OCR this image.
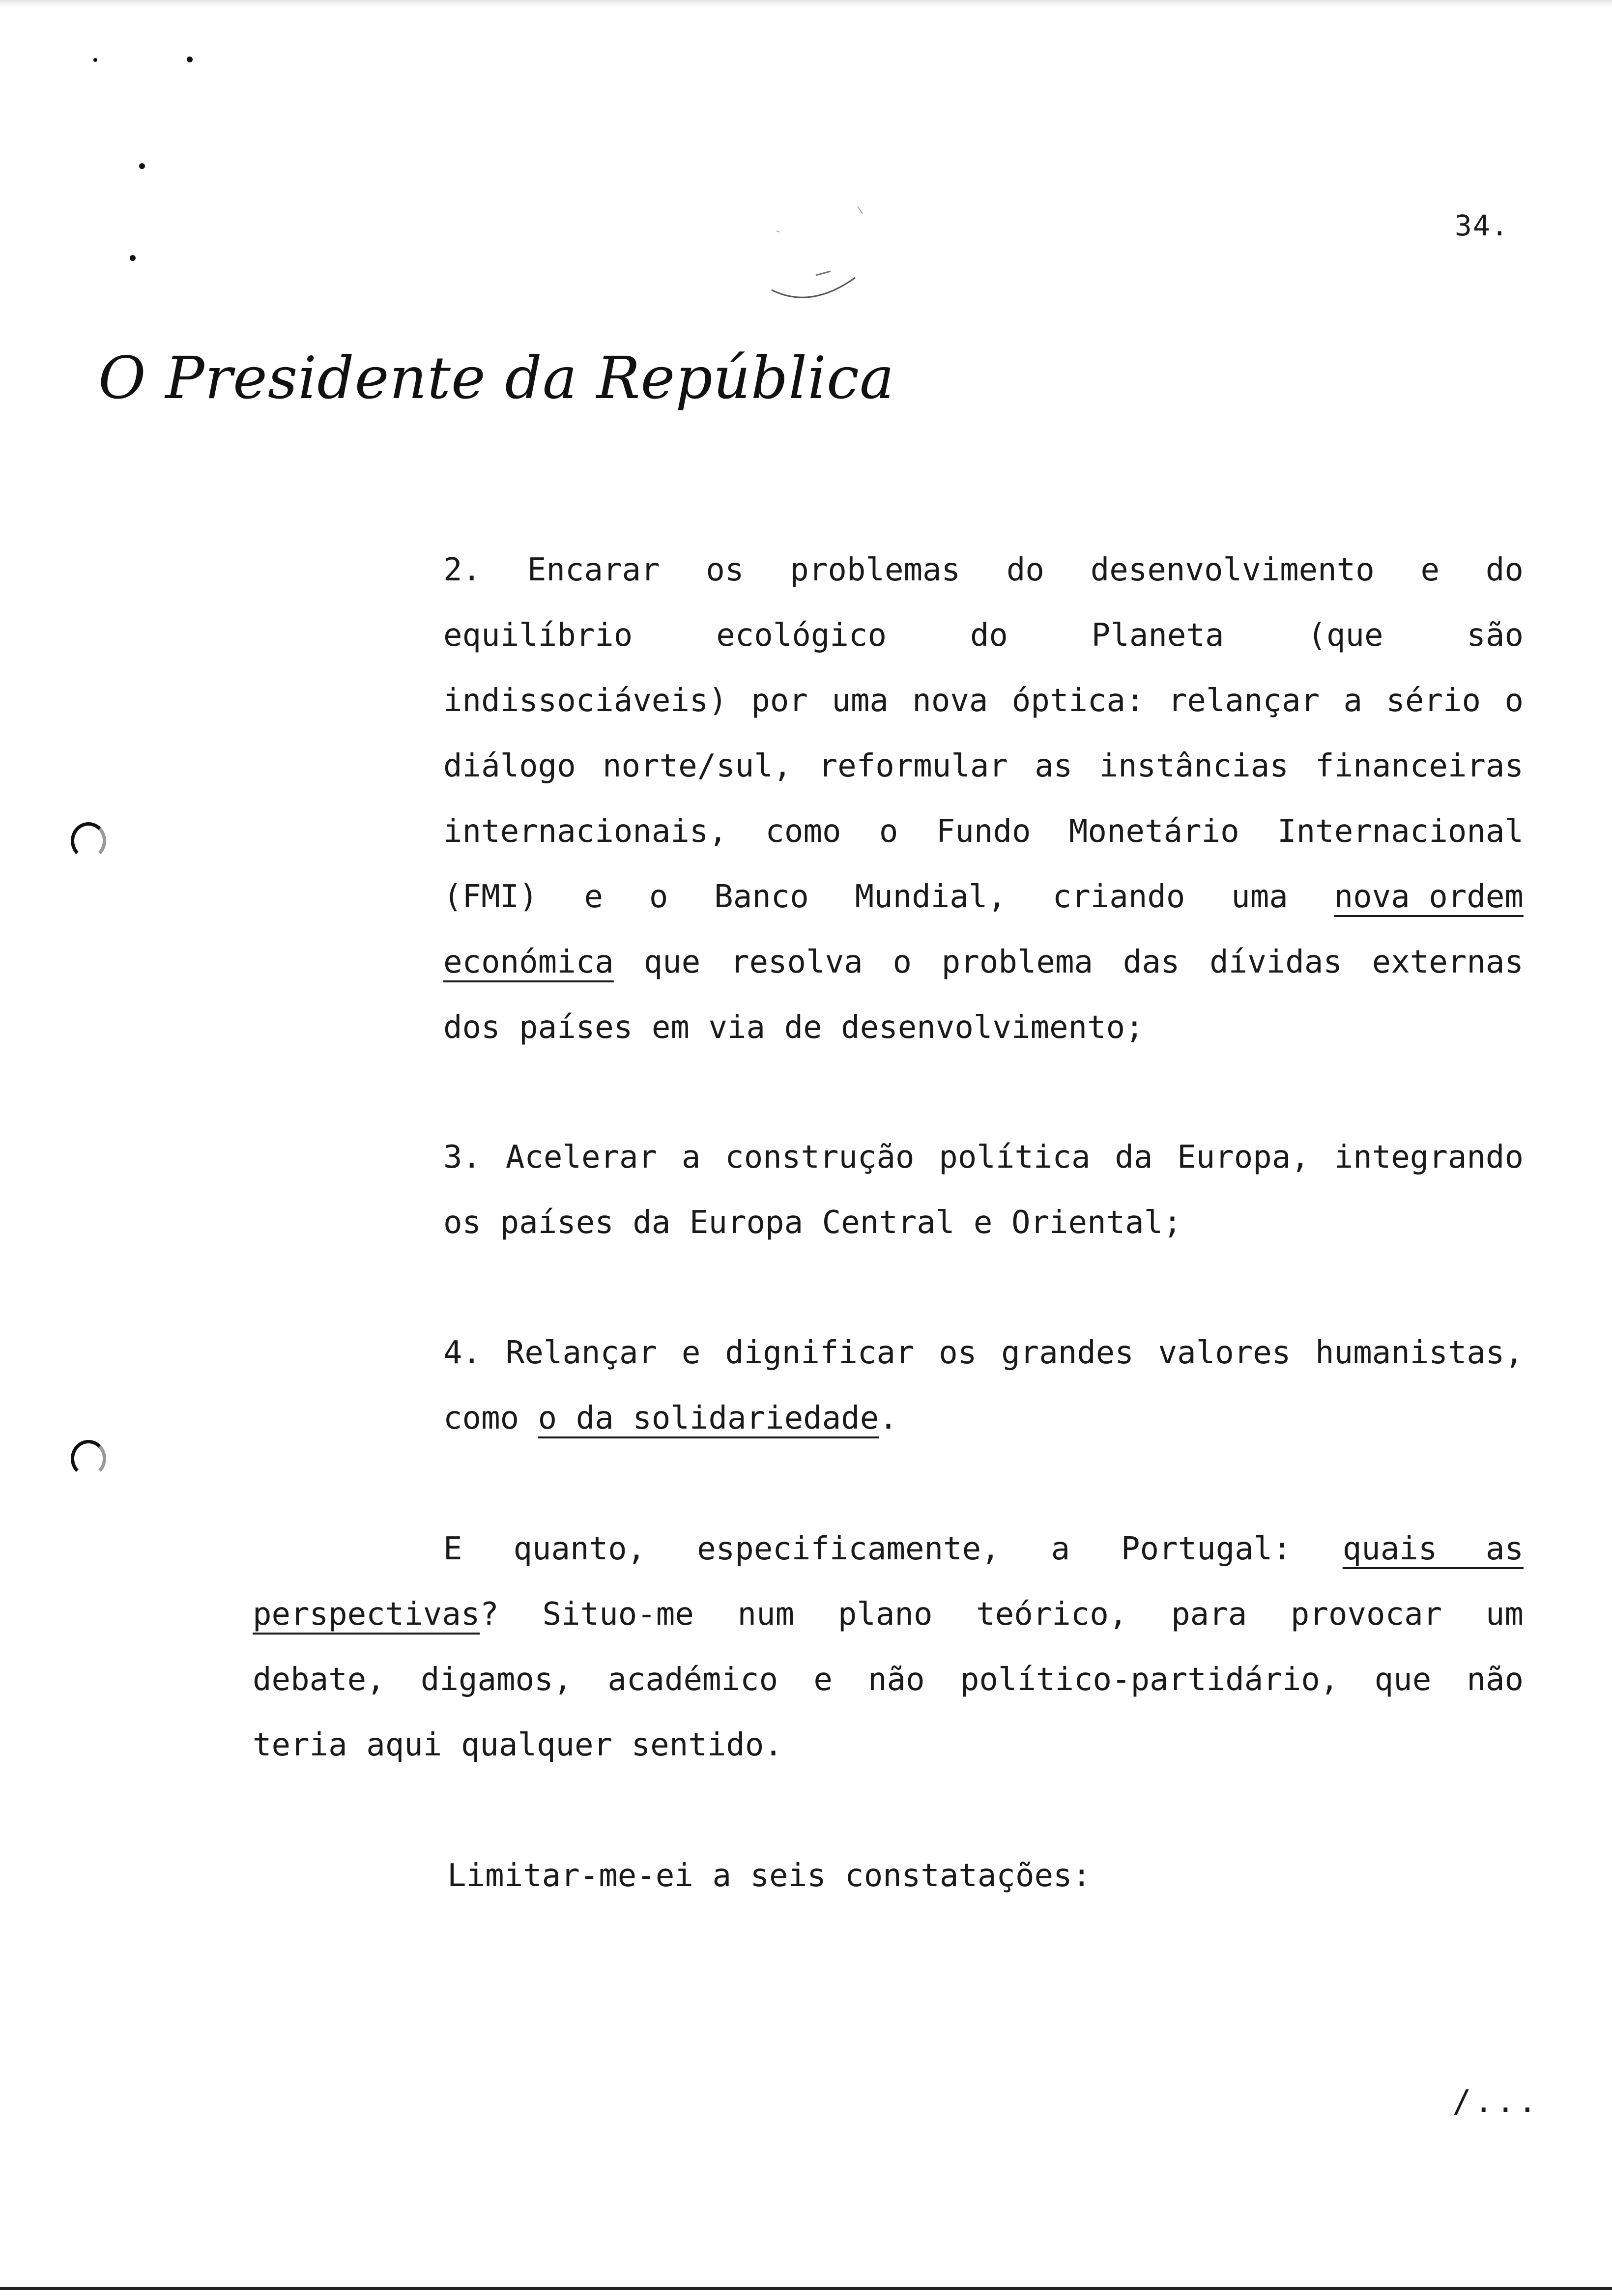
34.
O Presidente da República
2. Encarar os problemas do desenvolvimento e do
equilíbrio	ecológico	do	Planeta	(que	são
indissociáveis) por uma nova óptica: relançar a sério o
diálogo norte/sul, reformular as instâncias financeiras
internacionais, como o Fundo Monetário Internacional
(FMI) e o Banco Mundial, criando uma nova ordem
económica que resolva o problema das dívidas externas
dos países em via de desenvolvimento;
3. Acelerar a construção política da Europa, integrando
os países da Europa Central e Oriental;
4. Relançar e dignificar os grandes valores humanistas,
como o da solidariedade.
E quanto, especificamente, a Portugal: quais as
perspectivas? Situo-me num plano teórico, para provocar um
debate, digamos, académico e não político-partidário, que não
teria aqui qualquer sentido.
Limitar-me-ei a seis constatações:
/...
